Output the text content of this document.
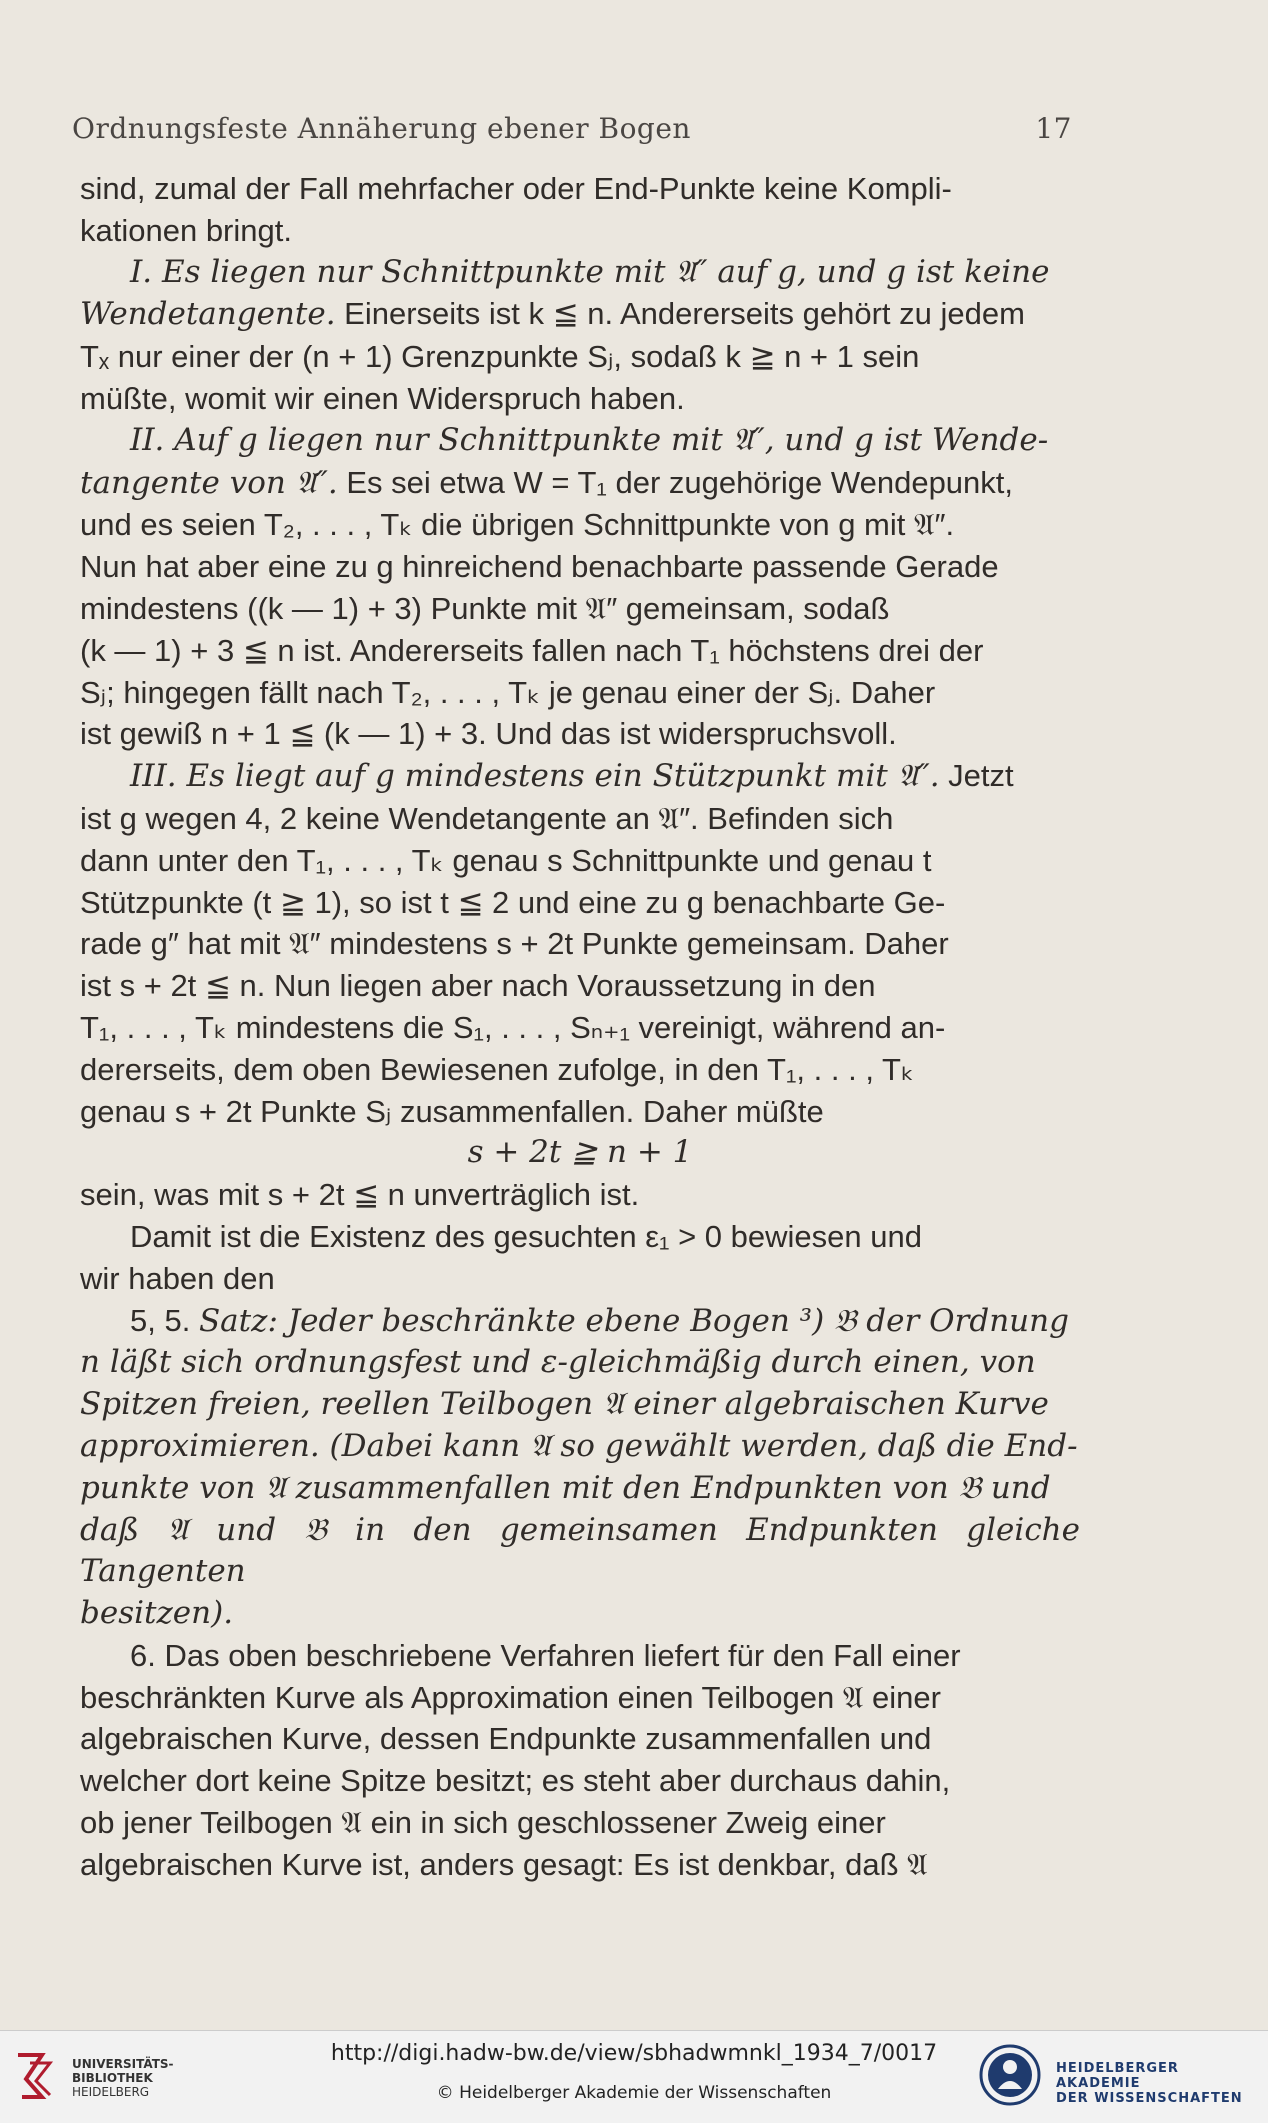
Ordnungsfeste Annäherung ebener Bogen	17

sind, zumal der Fall mehrfacher oder End-Punkte keine Kompli-

kationen bringt.

I. Es liegen nur Schnittpunkte mit 𝔄″ auf g, und g ist keine

Wendetangente. Einerseits ist k ≦ n. Andererseits gehört zu jedem

Tₓ nur einer der (n + 1) Grenzpunkte Sⱼ, sodaß k ≧ n + 1 sein

müßte, womit wir einen Widerspruch haben.

II. Auf g liegen nur Schnittpunkte mit 𝔄″, und g ist Wende-

tangente von 𝔄″. Es sei etwa W = T₁ der zugehörige Wendepunkt,

und es seien T₂, . . . , Tₖ die übrigen Schnittpunkte von g mit 𝔄″.

Nun hat aber eine zu g hinreichend benachbarte passende Gerade

mindestens ((k — 1) + 3) Punkte mit 𝔄″ gemeinsam, sodaß

(k — 1) + 3 ≦ n ist. Andererseits fallen nach T₁ höchstens drei der

Sⱼ; hingegen fällt nach T₂, . . . , Tₖ je genau einer der Sⱼ. Daher

ist gewiß n + 1 ≦ (k — 1) + 3. Und das ist widerspruchsvoll.

III. Es liegt auf g mindestens ein Stützpunkt mit 𝔄″. Jetzt

ist g wegen 4, 2 keine Wendetangente an 𝔄″. Befinden sich

dann unter den T₁, . . . , Tₖ genau s Schnittpunkte und genau t

Stützpunkte (t ≧ 1), so ist t ≦ 2 und eine zu g benachbarte Ge-

rade g″ hat mit 𝔄″ mindestens s + 2t Punkte gemeinsam. Daher

ist s + 2t ≦ n. Nun liegen aber nach Voraussetzung in den

T₁, . . . , Tₖ mindestens die S₁, . . . , Sₙ₊₁ vereinigt, während an-

dererseits, dem oben Bewiesenen zufolge, in den T₁, . . . , Tₖ

genau s + 2t Punkte Sⱼ zusammenfallen. Daher müßte

s + 2t ≧ n + 1

sein, was mit s + 2t ≦ n unverträglich ist.

Damit ist die Existenz des gesuchten ε₁ > 0 bewiesen und

wir haben den

5, 5. Satz: Jeder beschränkte ebene Bogen ³) 𝔅 der Ordnung

n läßt sich ordnungsfest und ε-gleichmäßig durch einen, von

Spitzen freien, reellen Teilbogen 𝔄 einer algebraischen Kurve

approximieren. (Dabei kann 𝔄 so gewählt werden, daß die End-

punkte von 𝔄 zusammenfallen mit den Endpunkten von 𝔅 und

daß 𝔄 und 𝔅 in den gemeinsamen Endpunkten gleiche Tangenten

besitzen).

6. Das oben beschriebene Verfahren liefert für den Fall einer

beschränkten Kurve als Approximation einen Teilbogen 𝔄 einer

algebraischen Kurve, dessen Endpunkte zusammenfallen und

welcher dort keine Spitze besitzt; es steht aber durchaus dahin,

ob jener Teilbogen 𝔄 ein in sich geschlossener Zweig einer

algebraischen Kurve ist, anders gesagt: Es ist denkbar, daß 𝔄

UNIVERSITÄTS-
BIBLIOTHEK
HEIDELBERG
http://digi.hadw-bw.de/view/sbhadwmnkl_1934_7/0017
© Heidelberger Akademie der Wissenschaften
HEIDELBERGER AKADEMIE
DER WISSENSCHAFTEN
